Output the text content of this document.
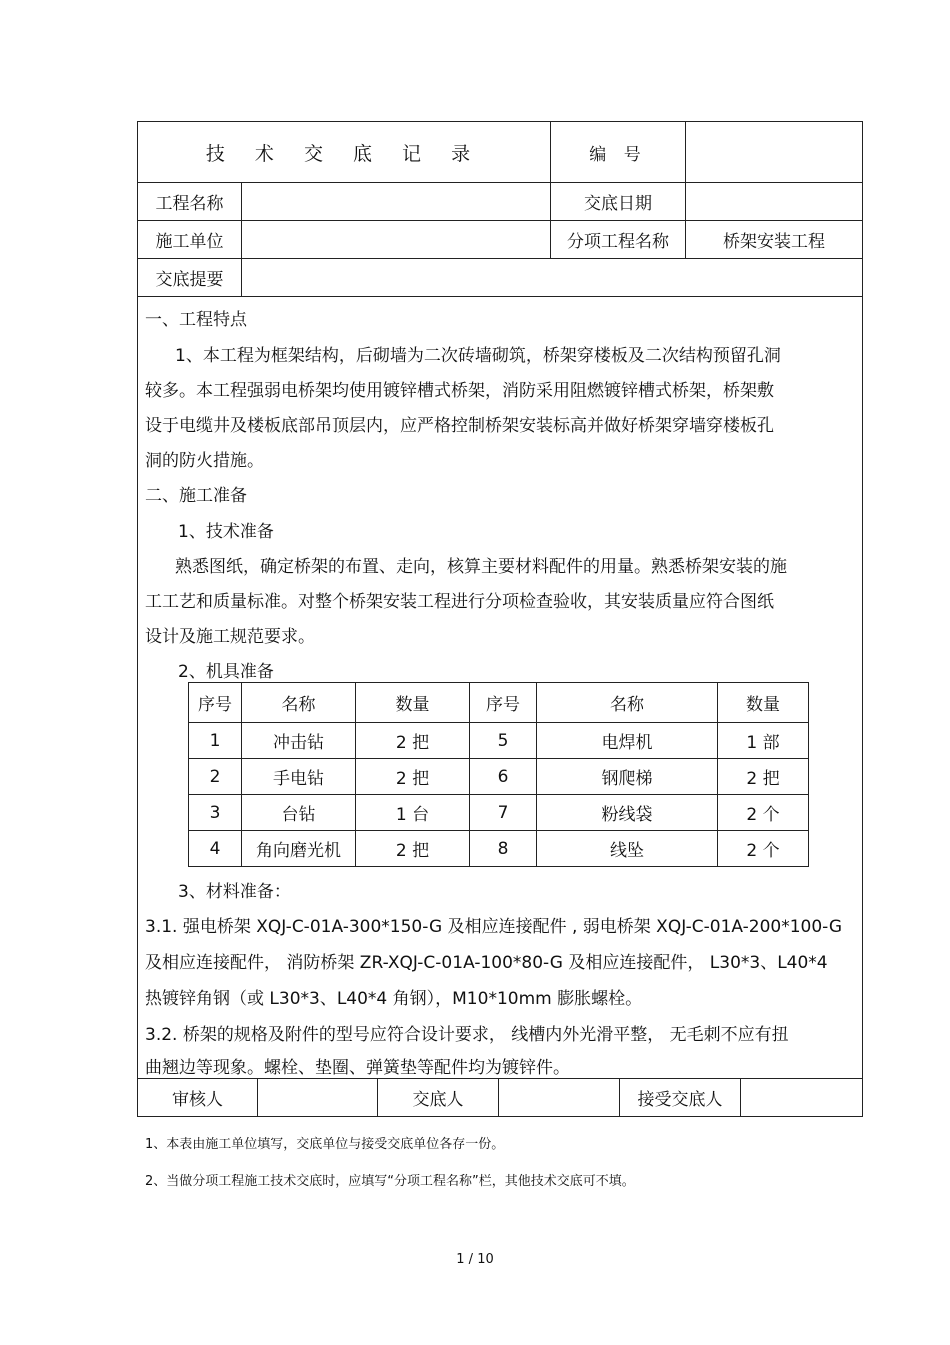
技 术 交 底 记 录	编 号
工程名称	交底日期
施工单位	分项工程名称	桥架安装工程
交底提要
一、工程特点
1、本工程为框架结构，后砌墙为二次砖墙砌筑，桥架穿楼板及二次结构预留孔洞
较多。本工程强弱电桥架均使用镀锌槽式桥架，消防采用阻燃镀锌槽式桥架，桥架敷
设于电缆井及楼板底部吊顶层内，应严格控制桥架安装标高并做好桥架穿墙穿楼板孔
洞的防火措施。
二、施工准备
1、技术准备
熟悉图纸，确定桥架的布置、走向，核算主要材料配件的用量。熟悉桥架安装的施
工工艺和质量标准。对整个桥架安装工程进行分项检查验收，其安装质量应符合图纸
设计及施工规范要求。
2、机具准备
序号	名称	数量	序号	名称	数量
1	冲击钻	2 把	5	电焊机	1 部
2	手电钻	2 把	6	钢爬梯	2 把
3	台钻	1 台	7	粉线袋	2 个
4	角向磨光机	2 把	8	线坠	2 个
3、材料准备：
3.1. 强电桥架 XQJ-C-01A-300*150-G 及相应连接配件 , 弱电桥架 XQJ-C-01A-200*100-G
及相应连接配件， 消防桥架 ZR-XQJ-C-01A-100*80-G 及相应连接配件， L30*3、L40*4
热镀锌角钢（或 L30*3、L40*4 角钢），M10*10mm 膨胀螺栓。
3.2. 桥架的规格及附件的型号应符合设计要求， 线槽内外光滑平整， 无毛刺不应有扭
曲翘边等现象。螺栓、垫圈、弹簧垫等配件均为镀锌件。
审核人	交底人	接受交底人
1、本表由施工单位填写，交底单位与接受交底单位各存一份。
2、当做分项工程施工技术交底时，应填写“分项工程名称”栏，其他技术交底可不填。
1 / 10
